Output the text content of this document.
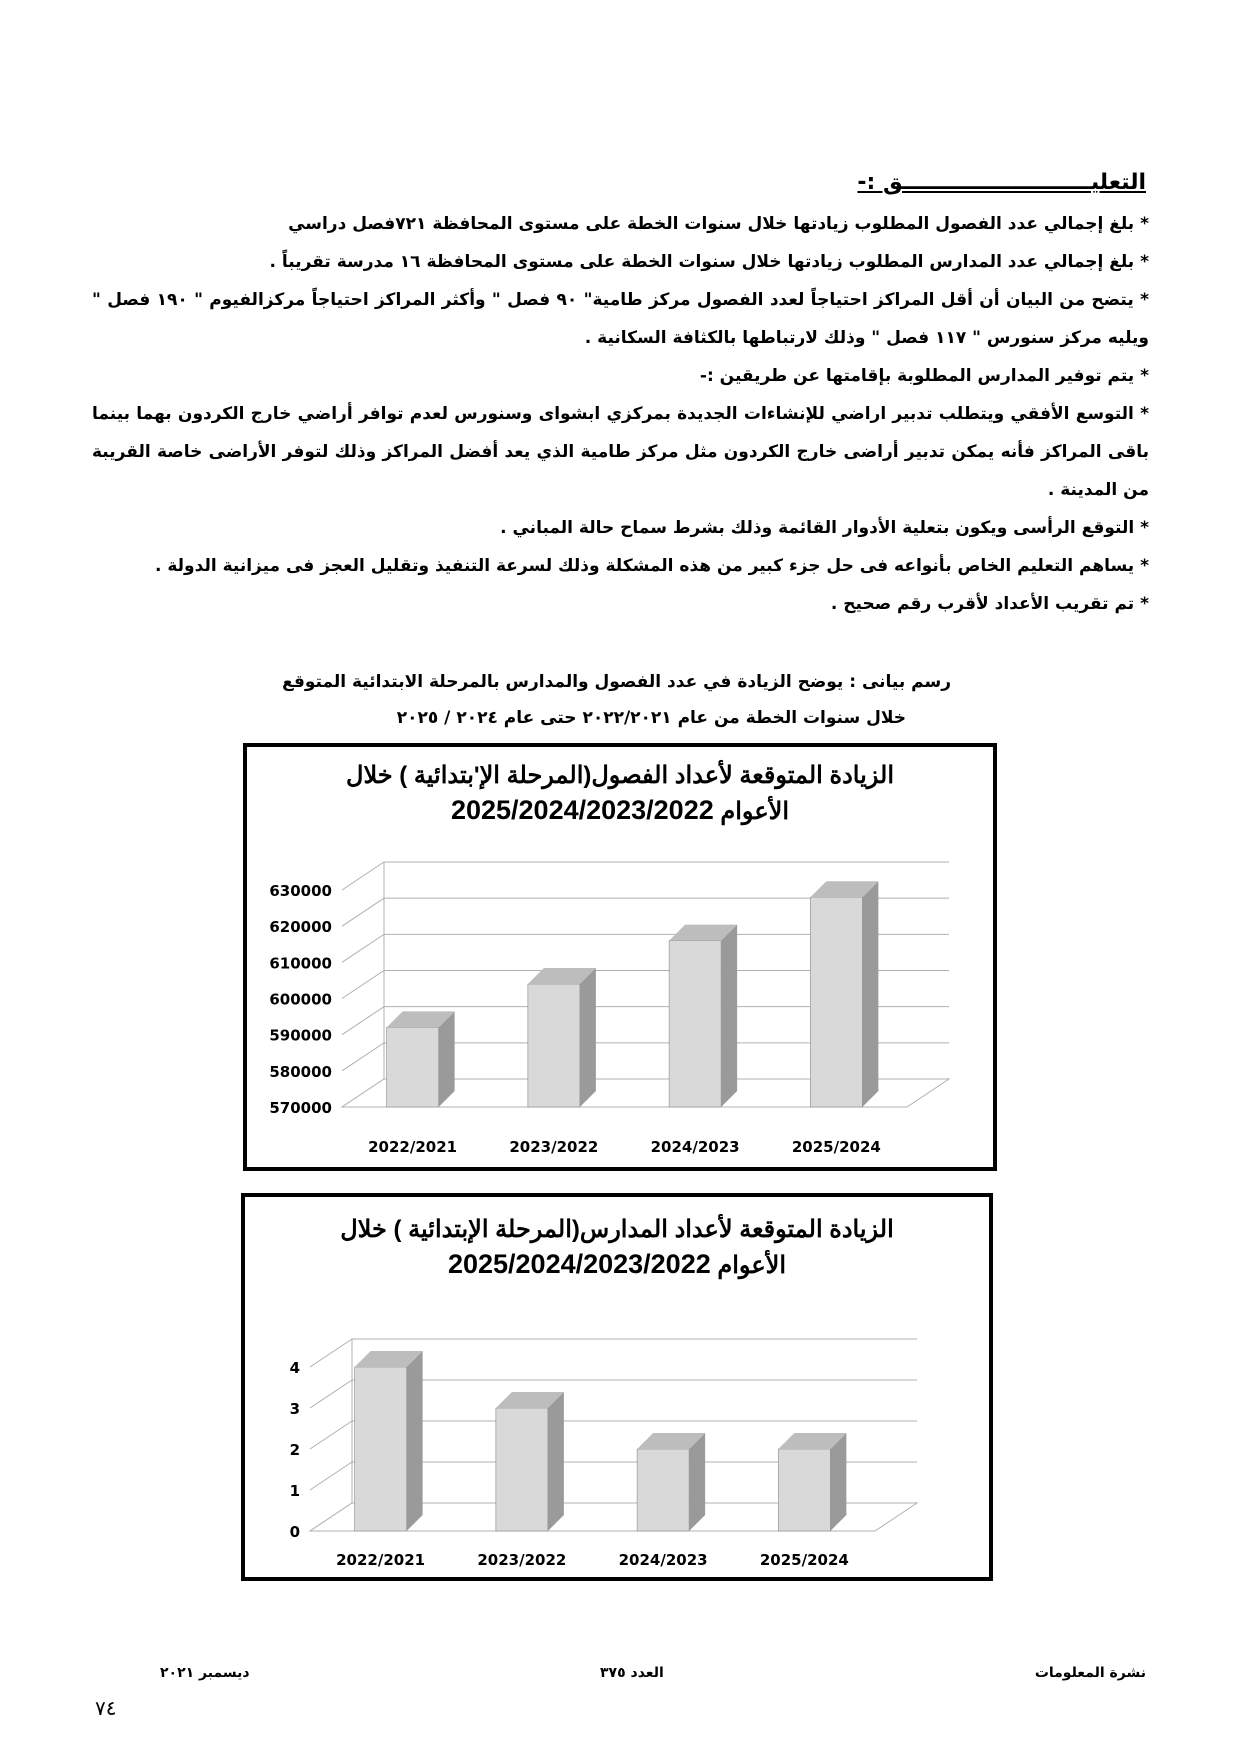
التعليـــــــــــــــــــــــــق :-

* بلغ إجمالي عدد الفصول المطلوب زيادتها خلال سنوات الخطة على مستوى المحافظة ٧٢١فصل دراسي

* بلغ إجمالي عدد المدارس المطلوب زيادتها خلال سنوات الخطة على مستوى المحافظة ١٦ مدرسة تقريباً .

* يتضح من البيان أن أقل المراكز احتياجاً لعدد الفصول مركز طامية" ٩٠ فصل " وأكثر المراكز احتياجاً مركزالفيوم " ١٩٠ فصل " ويليه مركز سنورس " ١١٧ فصل " وذلك لارتباطها بالكثافة السكانية .

* يتم توفير المدارس المطلوبة بإقامتها عن طريقين :-

* التوسع الأفقي ويتطلب تدبير اراضي للإنشاءات الجديدة بمركزي ابشواى وسنورس لعدم توافر أراضي خارج الكردون بهما بينما باقى المراكز فأنه يمكن تدبير أراضى خارج الكردون مثل مركز طامية الذي يعد أفضل المراكز وذلك لتوفر الأراضى خاصة القريبة من المدينة .

* التوقع الرأسى ويكون بتعلية الأدوار القائمة وذلك بشرط سماح حالة المباني .

* يساهم التعليم الخاص بأنواعه فى حل جزء كبير من هذه المشكلة وذلك لسرعة التنفيذ وتقليل العجز فى ميزانية الدولة .

* تم تقريب الأعداد لأقرب رقم صحيح .

رسم بيانى : يوضح الزيادة في عدد الفصول والمدارس بالمرحلة الابتدائية المتوقع
خلال سنوات الخطة من عام ٢٠٢٢/٢٠٢١ حتى عام ٢٠٢٤ / ٢٠٢٥
الزيادة المتوقعة لأعداد الفصول(المرحلة الإ'بتدائية ) خلال
الأعوام 2025/2024/2023/2022
570000
580000
590000
600000
610000
620000
630000
2022/2021	2023/2022	2024/2023	2025/2024
الزيادة المتوقعة لأعداد المدارس(المرحلة الإبتدائية ) خلال
الأعوام 2025/2024/2023/2022
0
1
2
3
4
2022/2021	2023/2022	2024/2023	2025/2024
نشرة المعلومات
العدد ٣٧٥
ديسمبر ٢٠٢١
٧٤
